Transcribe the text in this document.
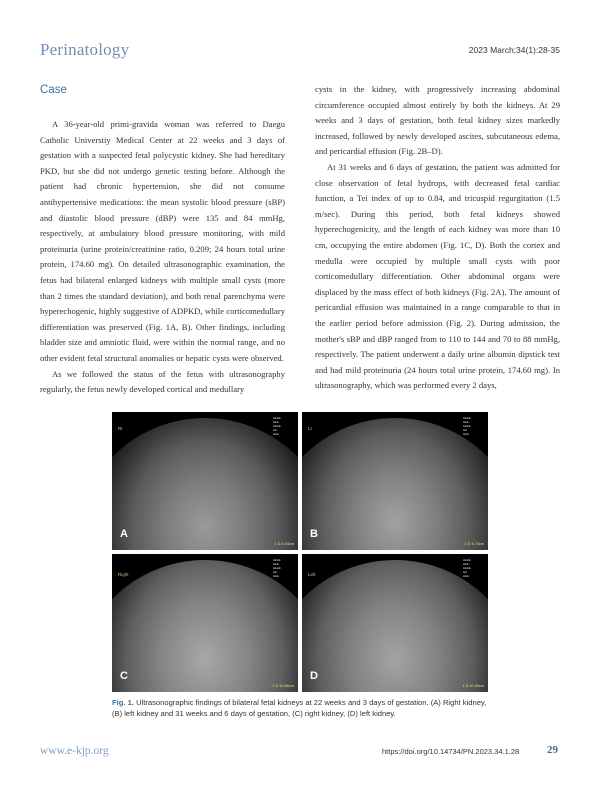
Perinatology	2023 March;34(1):28-35
Case

A 36-year-old primi-gravida woman was referred to Daegu Catholic Universtiy Medical Center at 22 weeks and 3 days of gestation with a suspected fetal polycystic kidney. She had hereditary PKD, but she did not undergo genetic testing before. Although the patient had chronic hypertension, she did not consume antihypertensive medications: the mean systolic blood pressure (sBP) and diastolic blood pressure (dBP) were 135 and 84 mmHg, respectively, at ambulatory blood pressure monitoring, with mild proteinuria (urine protein/creatinine ratio, 0.209; 24 hours total urine protein, 174.60 mg). On detailed ultrasonographic examination, the fetus had bilateral enlarged kidneys with multiple small cysts (more than 2 times the standard deviation), and both renal parenchyma were hyperechogenic, highly suggestive of ADPKD, while corticomedullary differentiation was preserved (Fig. 1A, B). Other findings, including bladder size and amniotic fluid, were within the normal range, and no other evident fetal structural anomalies or hepatic cysts were observed.

As we followed the status of the fetus with ultrasonography regularly, the fetus newly developed cortical and medullary

cysts in the kidney, with progressively increasing abdominal circumference occupied almost entirely by both the kidneys. At 29 weeks and 3 days of gestation, both fetal kidney sizes markedly increased, followed by newly developed ascites, subcutaneous edema, and pericardial effusion (Fig. 2B–D).

At 31 weeks and 6 days of gestation, the patient was admitted for close observation of fetal hydrops, with decreased fetal cardiac function, a Tei index of up to 0.84, and tricuspid regurgitation (1.5 m/sec). During this period, both fetal kidneys showed hyperechogenicity, and the length of each kidney was more than 10 cm, occupying the entire abdomen (Fig. 1C, D). Both the cortex and medulla were occupied by multiple small cysts with poor corticomedullary differentiation. Other abdominal organs were displaced by the mass effect of both kidneys (Fig. 2A). The amount of pericardial effusion was maintained in a range comparable to that in the earlier period before admission (Fig. 2). During admission, the mother's sBP and dBP ranged from to 110 to 144 and 70 to 88 mmHg, respectively. The patient underwent a daily urine albumin dipstick test and had mild proteinuria (24 hours total urine protein, 174.60 mg). In ultrasonography, which was performed every 2 days,

▪▪▪▪
▪▪▪
▪▪▪▪
▪▪
▪▪▪
Rt
A
1 D 4.34cm
▪▪▪▪
▪▪▪
▪▪▪▪
▪▪
▪▪▪
Lt
B
1 D 4.74cm
▪▪▪▪
▪▪▪
▪▪▪▪
▪▪
▪▪▪
Right
C
1 D 10.66cm
▪▪▪▪
▪▪▪
▪▪▪▪
▪▪
▪▪▪
Left
D
1 D 10.89cm
Fig. 1. Ultrasonographic findings of bilateral fetal kidneys at 22 weeks and 3 days of gestation. (A) Right kidney, (B) left kidney and 31 weeks and 6 days of gestation, (C) right kidney, (D) left kidney.
www.e-kjp.org	https://doi.org/10.14734/PN.2023.34.1.28	29
